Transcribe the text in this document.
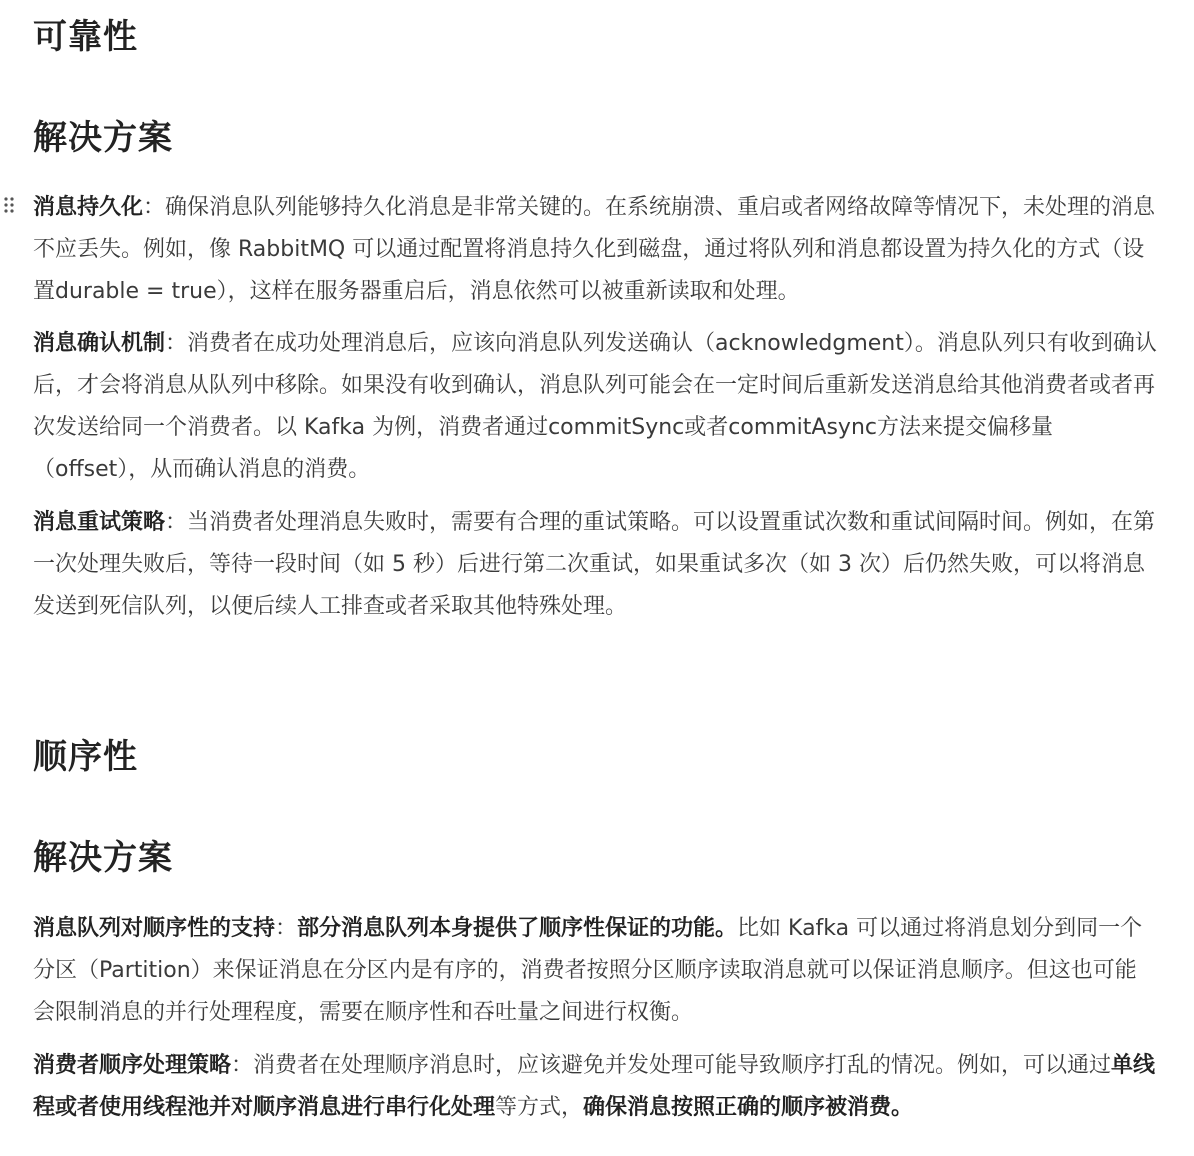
可靠性
解决方案

消息持久化：确保消息队列能够持久化消息是非常关键的。在系统崩溃、重启或者网络故障等情况下，未处理的消息不应丢失。例如，像 RabbitMQ 可以通过配置将消息持久化到磁盘，通过将队列和消息都设置为持久化的方式（设置durable = true），这样在服务器重启后，消息依然可以被重新读取和处理。

消息确认机制：消费者在成功处理消息后，应该向消息队列发送确认（acknowledgment）。消息队列只有收到确认后，才会将消息从队列中移除。如果没有收到确认，消息队列可能会在一定时间后重新发送消息给其他消费者或者再次发送给同一个消费者。以 Kafka 为例，消费者通过commitSync或者commitAsync方法来提交偏移量（offset），从而确认消息的消费。

消息重试策略：当消费者处理消息失败时，需要有合理的重试策略。可以设置重试次数和重试间隔时间。例如，在第一次处理失败后，等待一段时间（如 5 秒）后进行第二次重试，如果重试多次（如 3 次）后仍然失败，可以将消息发送到死信队列，以便后续人工排查或者采取其他特殊处理。

顺序性
解决方案

消息队列对顺序性的支持：部分消息队列本身提供了顺序性保证的功能。比如 Kafka 可以通过将消息划分到同一个分区（Partition）来保证消息在分区内是有序的，消费者按照分区顺序读取消息就可以保证消息顺序。但这也可能会限制消息的并行处理程度，需要在顺序性和吞吐量之间进行权衡。

消费者顺序处理策略：消费者在处理顺序消息时，应该避免并发处理可能导致顺序打乱的情况。例如，可以通过单线程或者使用线程池并对顺序消息进行串行化处理等方式，确保消息按照正确的顺序被消费。
